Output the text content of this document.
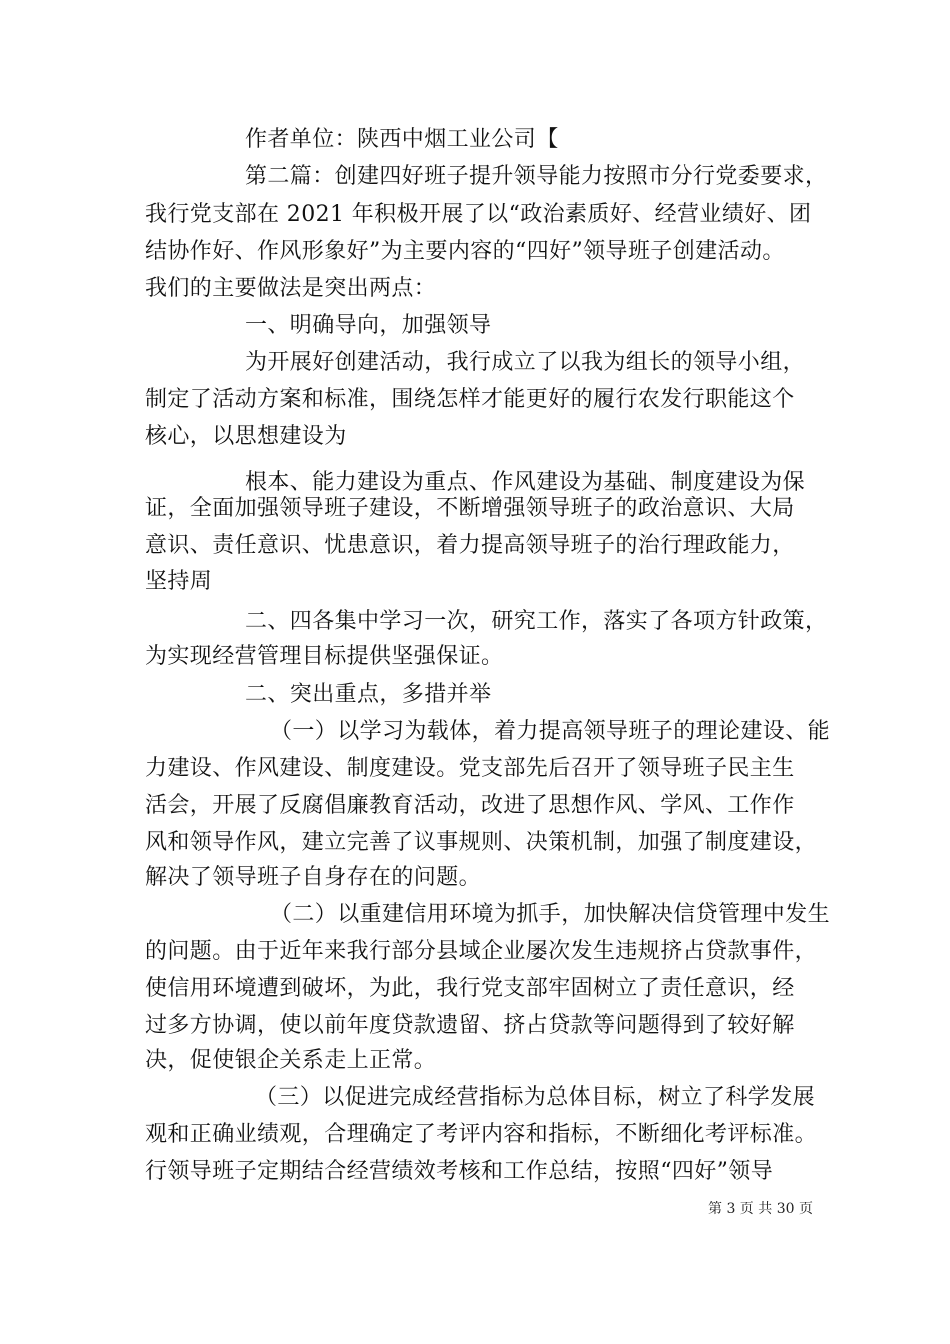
作者单位：陕西中烟工业公司【
第二篇：创建四好班子提升领导能力按照市分行党委要求，
我行党支部在 2021 年积极开展了以“政治素质好、经营业绩好、团
结协作好、作风形象好”为主要内容的“四好”领导班子创建活动。
我们的主要做法是突出两点：
一、明确导向，加强领导
为开展好创建活动，我行成立了以我为组长的领导小组，
制定了活动方案和标准，围绕怎样才能更好的履行农发行职能这个
核心，以思想建设为
根本、能力建设为重点、作风建设为基础、制度建设为保
证，全面加强领导班子建设，不断增强领导班子的政治意识、大局
意识、责任意识、忧患意识，着力提高领导班子的治行理政能力，
坚持周
二、四各集中学习一次，研究工作，落实了各项方针政策，
为实现经营管理目标提供坚强保证。
二、突出重点，多措并举
（一）以学习为载体，着力提高领导班子的理论建设、能
力建设、作风建设、制度建设。党支部先后召开了领导班子民主生
活会，开展了反腐倡廉教育活动，改进了思想作风、学风、工作作
风和领导作风，建立完善了议事规则、决策机制，加强了制度建设，
解决了领导班子自身存在的问题。
（二）以重建信用环境为抓手，加快解决信贷管理中发生
的问题。由于近年来我行部分县域企业屡次发生违规挤占贷款事件，
使信用环境遭到破坏，为此，我行党支部牢固树立了责任意识，经
过多方协调，使以前年度贷款遗留、挤占贷款等问题得到了较好解
决，促使银企关系走上正常。
（三）以促进完成经营指标为总体目标，树立了科学发展
观和正确业绩观，合理确定了考评内容和指标，不断细化考评标准。
行领导班子定期结合经营绩效考核和工作总结，按照“四好”领导
第 3 页 共 30 页
